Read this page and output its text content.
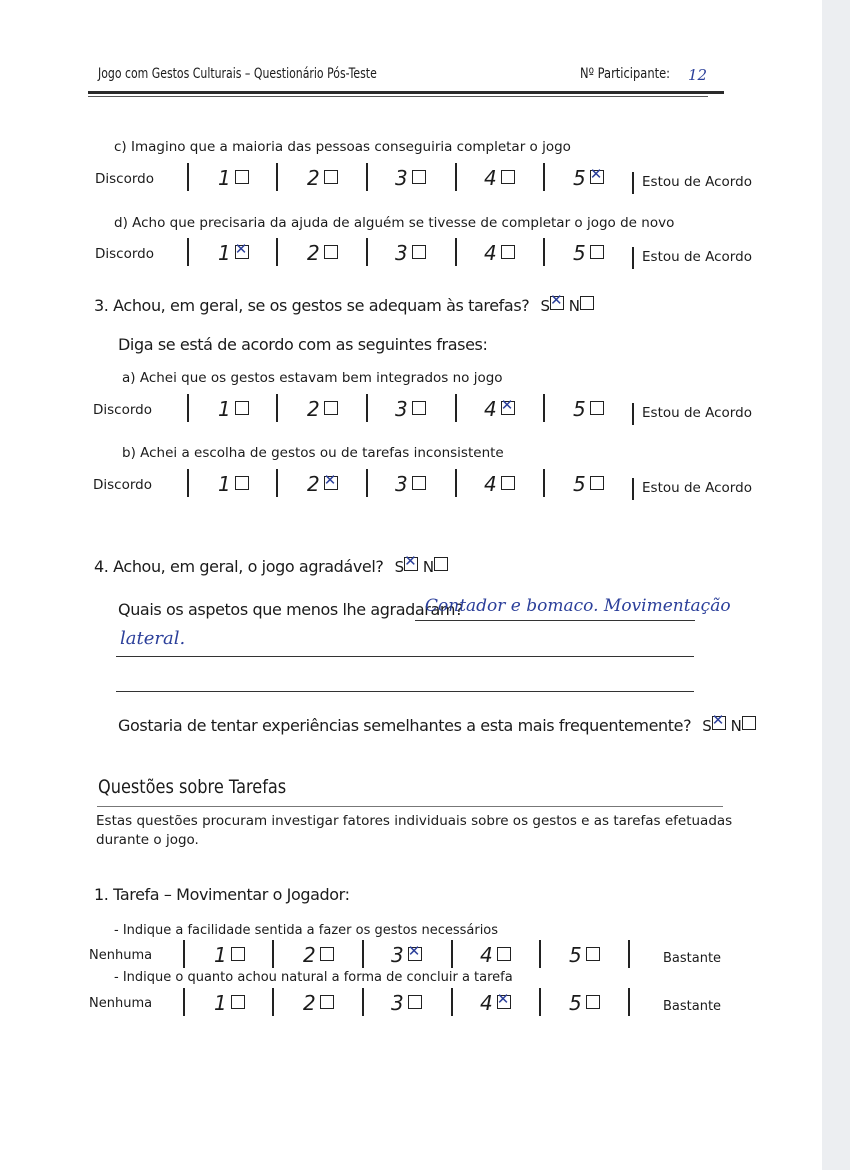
Jogo com Gestos Culturais – Questionário Pós-Teste	Nº Participante: 12
c) Imagino que a maioria das pessoas conseguiria completar o jogo
Discordo	1	2	3	4	5 ✕	Estou de Acordo
d) Acho que precisaria da ajuda de alguém se tivesse de completar o jogo de novo
Discordo	1 ✕	2	3	4	5	Estou de Acordo
3. Achou, em geral, se os gestos se adequam às tarefas? S ✕ N
Diga se está de acordo com as seguintes frases:
a) Achei que os gestos estavam bem integrados no jogo
Discordo	1	2	3	4 ✕	5	Estou de Acordo
b) Achei a escolha de gestos ou de tarefas inconsistente
Discordo	1	2 ✕	3	4	5	Estou de Acordo
4. Achou, em geral, o jogo agradável? S ✕ N
Quais os aspetos que menos lhe agradaram?
Contador e bomaco. Movimentação
lateral.
Gostaria de tentar experiências semelhantes a esta mais frequentemente? S ✕ N
Questões sobre Tarefas
Estas questões procuram investigar fatores individuais sobre os gestos e as tarefas efetuadas
durante o jogo.
1. Tarefa – Movimentar o Jogador:
- Indique a facilidade sentida a fazer os gestos necessários
Nenhuma	1	2	3 ✕	4	5	Bastante
- Indique o quanto achou natural a forma de concluir a tarefa
Nenhuma	1	2	3	4 ✕	5	Bastante
